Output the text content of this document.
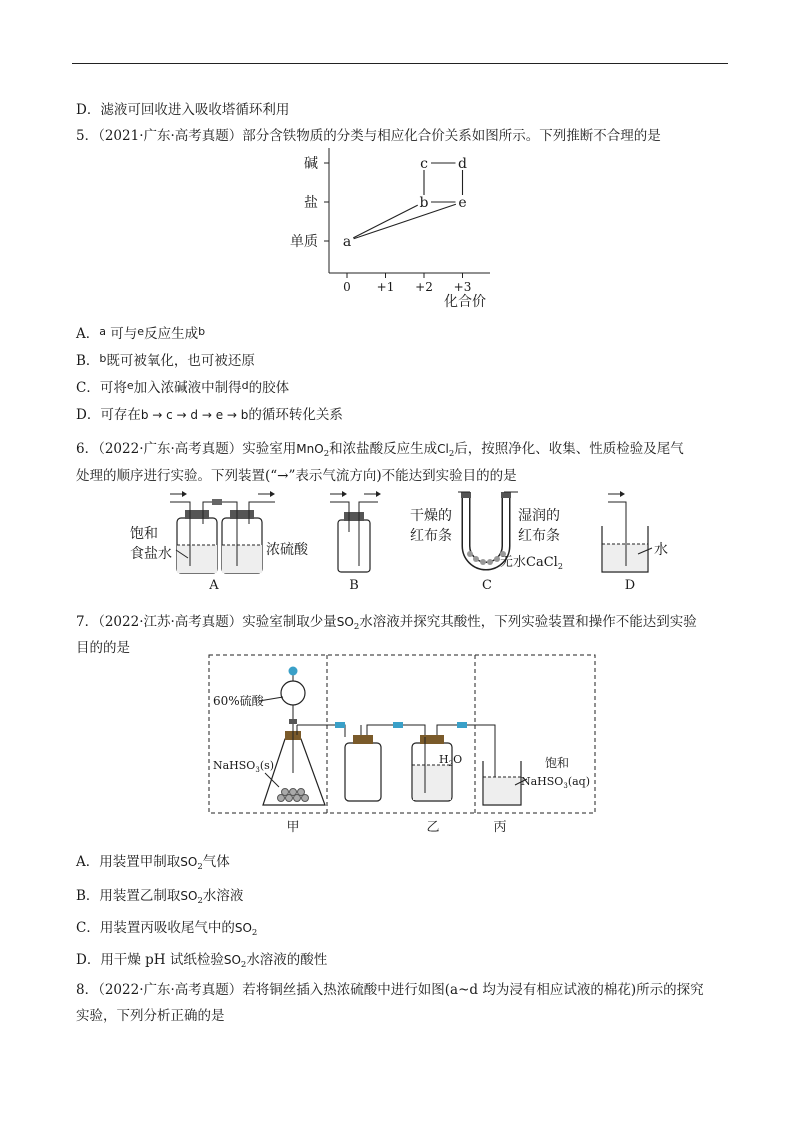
D．滤液可回收进入吸收塔循环利用
5．（2021·广东·高考真题）部分含铁物质的分类与相应化合价关系如图所示。下列推断不合理的是
单质
盐
碱
0 +1 +2 +3
a
b
c d
e
化合价
A．$^a$ 可与$^e$反应生成$^b$
B．$^b$既可被氧化，也可被还原
C．可将$^e$加入浓碱液中制得$^d$的胶体
D．可存在b → c → d → e → b的循环转化关系
6．（2022·广东·高考真题）实验室用MnO$_2$和浓盐酸反应生成$Cl_2$后，按照净化、收集、性质检验及尾气
处理的顺序进行实验。下列装置(“→”表示气流方向)不能达到实验目的的是
饱和
食盐水	浓硫酸
A	B
干燥的
红布条
湿润的
红布条
无水CaCl$_2$
C
水
D
7．（2022·江苏·高考真题）实验室制取少量$SO_2$水溶液并探究其酸性，下列实验装置和操作不能达到实验
目的的是
$H_2O$	饱和
NaHSO$_3$(aq)
60%硫酸
NaHSO$_3$(s)
甲	乙	丙
A．用装置甲制取$SO_2$气体
B．用装置乙制取$SO_2$水溶液
C．用装置丙吸收尾气中的$SO_2$
D．用干燥 pH 试纸检验$SO_2$水溶液的酸性
8．（2022·广东·高考真题）若将铜丝插入热浓硫酸中进行如图(a~d 均为浸有相应试液的棉花)所示的探究
实验，下列分析正确的是
